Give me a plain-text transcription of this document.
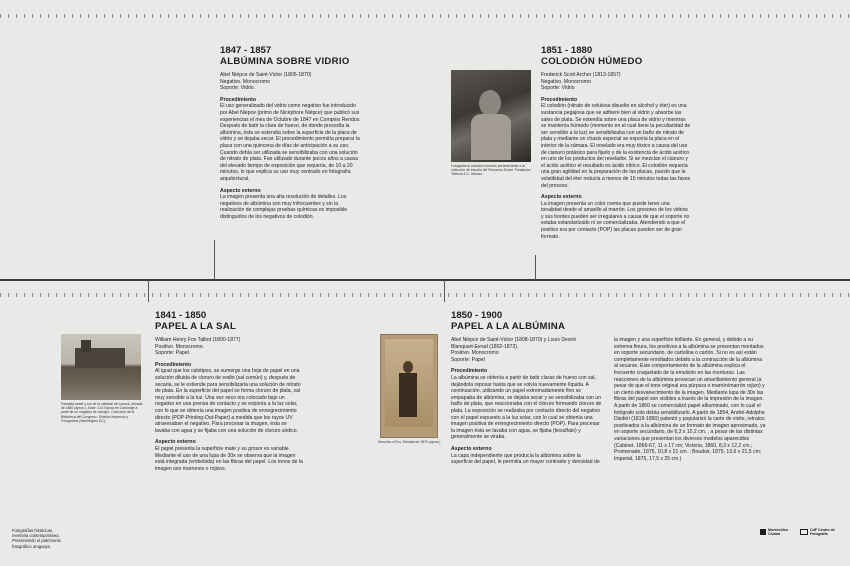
1847 - 1857

ALBÚMINA SOBRE VIDRIO

Abel Niépce de Saint-Victor (1805-1870)
Negativo. Monocromo
Soporte: Vidrio.

Procedimiento

El uso generalizado del vidrio como negativo fue introducido por Abel Niépce (primo de Nicéphore Niépce) que publicó sus experiencias el mes de Octubre de 1847 en Comptes Rendus. Después de batir la clara de huevo, de donde procedía la albúmina, ésta se extendía sobre la superficie de la placa de vidrio y se dejaba secar. El procedimiento permitía preparar la placa con una quincena de días de anticipación a su uso. Cuando debía ser utilizada se sensibilizaba con una solución de nitrato de plata. Fue utilizado durante pocos años a causa del elevado tiempo de exposición que requería, de 10 a 20 minutos, lo que explica su uso muy centrado en fotografía arquitectural.

Aspecto externo

La imagen presenta una alta resolución de detalles. Los negativos de albúmina son muy infrecuentes y sin la realización de complejas pruebas químicas es imposible distinguirlos de los negativos de colodión.

Fotografía al colodión húmedo perteneciente a la colección de estudio del Fernando Duran. Fundación Telenca A.C. Alfonso.

1851 - 1880

COLODIÓN HÚMEDO

Frederick Scott Archer (1813-1857)
Negativo. Monocromo
Soporte: Vidrio

Procedimiento

El colodión (nitrato de celulosa disuelto en alcohol y éter) es una sustancia pegajosa que se adhiere bien al vidrio y absorbe las sales de plata. Se extendía sobre una placa de vidrio y mientras se mantenía húmedo (momento en el cual tiene la peculiaridad de ser sensible a la luz) se sensibilizaba con un baño de nitrato de plata y mediante un chasis especial se exponía la placa en el interior de la cámara. El revelado era muy tóxico a causa del uso de cianuro potásico para fijarlo y de la existencia de ácido acético en uno de los productos del revelador. Si se mezclan el cianuro y el ácido acético el resultado es ácido nítrico. El colodión requería una gran agilidad en la preparación de las placas, puesto que la volatilidad del éter reducía a menos de 15 minutos todas las fases del proceso.

Aspecto externo

La imagen presenta un color crema que puede tener una tonalidad desde el amarillo al marrón. Los grosores de los vidrios y sus bordes pueden ser irregulares a causa de que el soporte no estaba estandarizado ni se comercializaba. Atendiendo a que el positivo era por contacto (POP) las placas pueden ser de gran formato.

Fachada oeste y sur de la catedral de Lacock, década de 1860 (aprox.). Autor: Col. Epoca en Cantoraje a partir de un negativo de calotipo. Colección de la Biblioteca del Congreso, División Impresos y Fotografías (Washington DC).

1841 - 1850

PAPEL A LA SAL

William Henry Fox Talbot (1800-1877)
Positivo. Monocromo.
Soporte: Papel.

Procedimiento

Al igual que los calotipos, se sumerge una hoja de papel en una solución diluida de cloruro de sodio (sal común) y, después de secarla, se le extiende para sensibilizarla una solución de nitrato de plata. En la superficie del papel se forma cloruro de plata, sal muy sensible a la luz. Una vez seco era colocado bajo un negativo en una prensa de contacto y se exponía a la luz solar, con lo que se obtenía una imagen positiva de ennegrecimiento directo (POP-Printing-Out-Paper) a medida que los rayos UV atravesaban el negativo. Para procesar la imagen, ésta se lavaba con agua y se fijaba con una solución de cloruro sódico.

Aspecto externo

El papel presenta la superficie mate y su grosor es variable. Mediante el uso de una lupa de 30x se observa que la imagen está integrada (embebida) en las fibras del papel. Los tonos de la imagen son marrones o rojizos.

Senorita o Fino. Década de 1870 (aprox.)

1850 - 1900

PAPEL A LA ALBÚMINA

Abel Niépce de Saint-Victor (1808-1870) y Louis Desiré
Blanquart-Evrad (1802-1872).
Positivo. Monocromo
Soporte: Papel

Procedimiento

La albúmina se obtenía a partir de batir claras de huevo con sal, dejándola reposar hasta que se volvía nuevamente líquida. A continuación, utilizando un papel extremadamente fino se empapaba de albúmina, se dejaba secar y se sensibilizaba con un baño de plata, que reaccionaba con el cloruro formando cloruro de plata. La exposición se realizaba por contacto directo del negativo con el papel expuesto a la luz solar, con lo cual se obtenía una imagen positiva de ennegrecimiento directo (POP). Para procesar la imagen ésta se lavaba con agua, se fijaba (tiosulfato) y generalmente se viraba.

Aspecto externo

La capa independiente que producía la albúmina sobre la superficie del papel, le permitía un mayor contraste y densidad de la imagen y una superficie brillante. En general, y debido a su extrema finura, los positivos a la albúmina se presentan montados en soporte secundario, de cartulina o cartón. Si no es así están completamente enrollados debido a la contracción de la albúmina al secarse. Este comportamiento de la albúmina explica el frecuente craquelado de la emulsión en las monturas. Las reacciones de la albúmina provocan un amarillamiento general (a pesar de que el tono original era púrpura o marrón/marrón rojizo) y un cierto desvanecimiento de la imagen. Mediante lupa de 30x las fibras del papel son visibles a través de la impresión de la imagen. A partir de 1860 se comercializó papel albuminado, con lo cual el fotógrafo solo debía sensibilizarlo. A partir de 1854, André-Adolphe Disdéri (1819-1890) patentó y popularizó la carte de visite, retratos positivados a la albúmina de un formato de imagen aproximado, ya en soporte secundario, de 6,3 x 10,2 cm. , a pesar de las distintas variaciones que presentan los diversos modelos aparecidos (Cabinet, 1866-67, 11 x 17 cm; Victoria, 1860, 8,3 x 12,2 cm.; Promenade, 1875, 10,8 x 21 cm. ; Boudoir, 1875, 13,6 x 21,5 cm; Imperial, 1875, 17,5 x 25 cm.)

Fotografías históricas,
memoria contemporánea.
Preservando el patrimonio
fotográfico uruguayo
Montevideo Ciudad
CdF Centro de Fotografía
